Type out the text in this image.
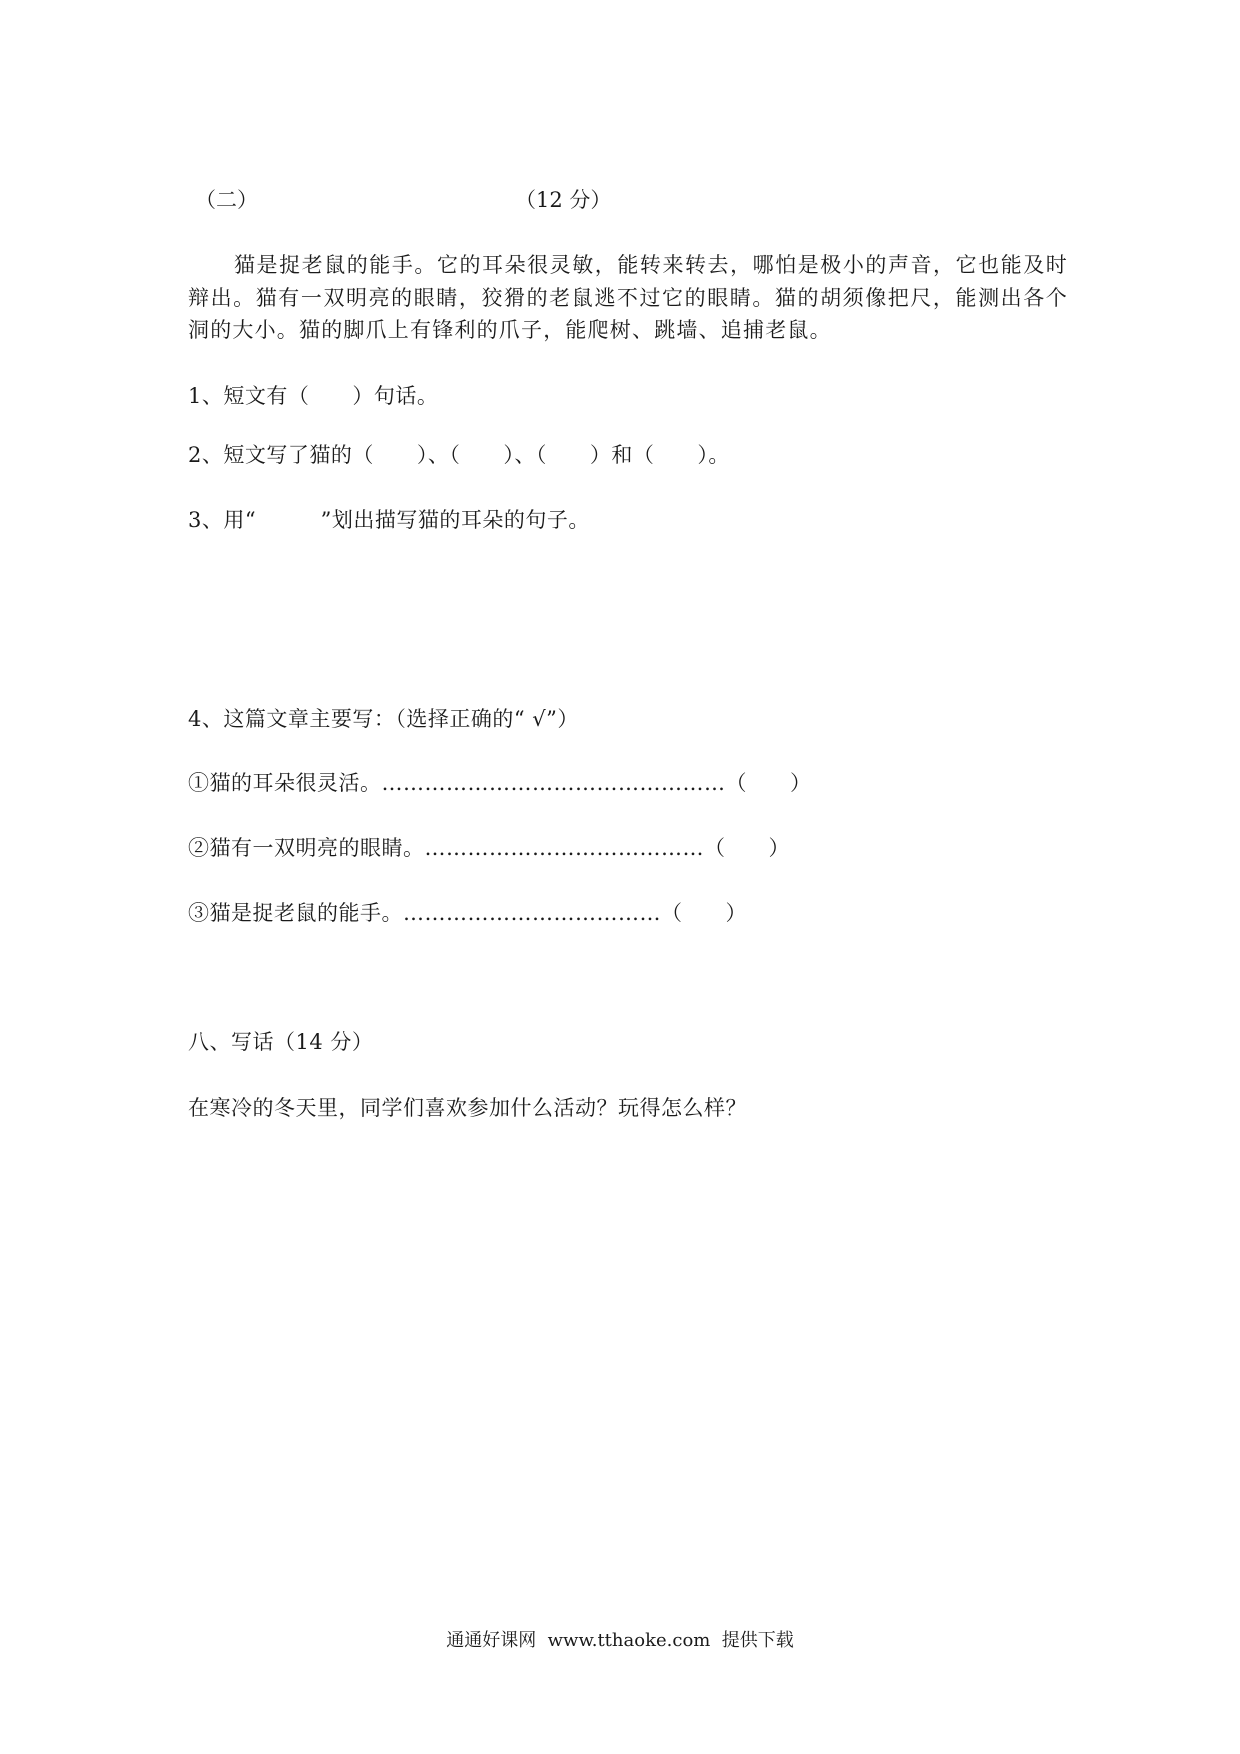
（二）	（12 分）

猫是捉老鼠的能手。它的耳朵很灵敏，能转来转去，哪怕是极小的声音，它也能及时辩出。猫有一双明亮的眼睛，狡猾的老鼠逃不过它的眼睛。猫的胡须像把尺，能测出各个洞的大小。猫的脚爪上有锋利的爪子，能爬树、跳墙、追捕老鼠。

1、短文有（　　）句话。
2、短文写了猫的（　　）、（　　）、（　　）和（　　）。
3、用“　　　”划出描写猫的耳朵的句子。
4、这篇文章主要写：（选择正确的“ √”）
①猫的耳朵很灵活。…………………………………………（　　）
②猫有一双明亮的眼睛。…………………………………（　　）
③猫是捉老鼠的能手。………………………………（　　）
八、写话（14 分）
在寒冷的冬天里，同学们喜欢参加什么活动？玩得怎么样？
通通好课网  www.tthaoke.com  提供下载
